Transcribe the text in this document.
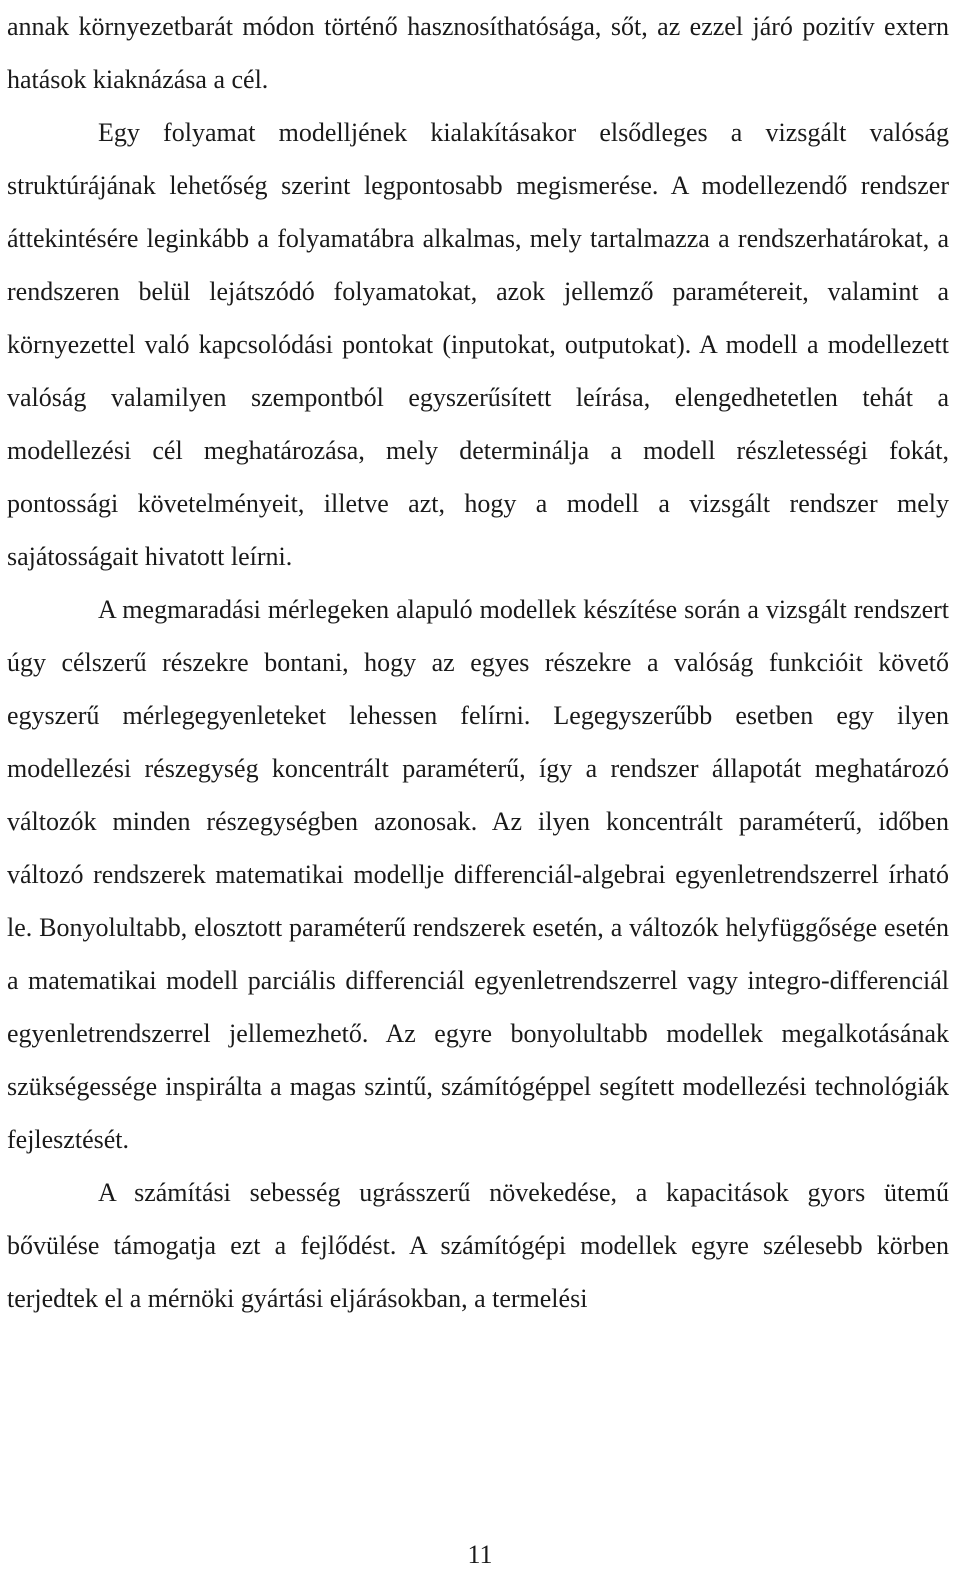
annak környezetbarát módon történő hasznosíthatósága, sőt, az ezzel járó pozitív extern hatások kiaknázása a cél.

Egy folyamat modelljének kialakításakor elsődleges a vizsgált valóság struktúrájának lehetőség szerint legpontosabb megismerése. A modellezendő rendszer áttekintésére leginkább a folyamatábra alkalmas, mely tartalmazza a rendszerhatárokat, a rendszeren belül lejátszódó folyamatokat, azok jellemző paramétereit, valamint a környezettel való kapcsolódási pontokat (inputokat, outputokat). A modell a modellezett valóság valamilyen szempontból egyszerűsített leírása, elengedhetetlen tehát a modellezési cél meghatározása, mely determinálja a modell részletességi fokát, pontossági követelményeit, illetve azt, hogy a modell a vizsgált rendszer mely sajátosságait hivatott leírni.

A megmaradási mérlegeken alapuló modellek készítése során a vizsgált rendszert úgy célszerű részekre bontani, hogy az egyes részekre a valóság funkcióit követő egyszerű mérlegegyenleteket lehessen felírni. Legegyszerűbb esetben egy ilyen modellezési részegység koncentrált paraméterű, így a rendszer állapotát meghatározó változók minden részegységben azonosak. Az ilyen koncentrált paraméterű, időben változó rendszerek matematikai modellje differenciál-algebrai egyenletrendszerrel írható le. Bonyolultabb, elosztott paraméterű rendszerek esetén, a változók helyfüggősége esetén a matematikai modell parciális differenciál egyenletrendszerrel vagy integro-differenciál egyenletrendszerrel jellemezhető. Az egyre bonyolultabb modellek megalkotásának szükségessége inspirálta a magas szintű, számítógéppel segített modellezési technológiák fejlesztését.

A számítási sebesség ugrásszerű növekedése, a kapacitások gyors ütemű bővülése támogatja ezt a fejlődést. A számítógépi modellek egyre szélesebb körben terjedtek el a mérnöki gyártási eljárásokban, a termelési

11
